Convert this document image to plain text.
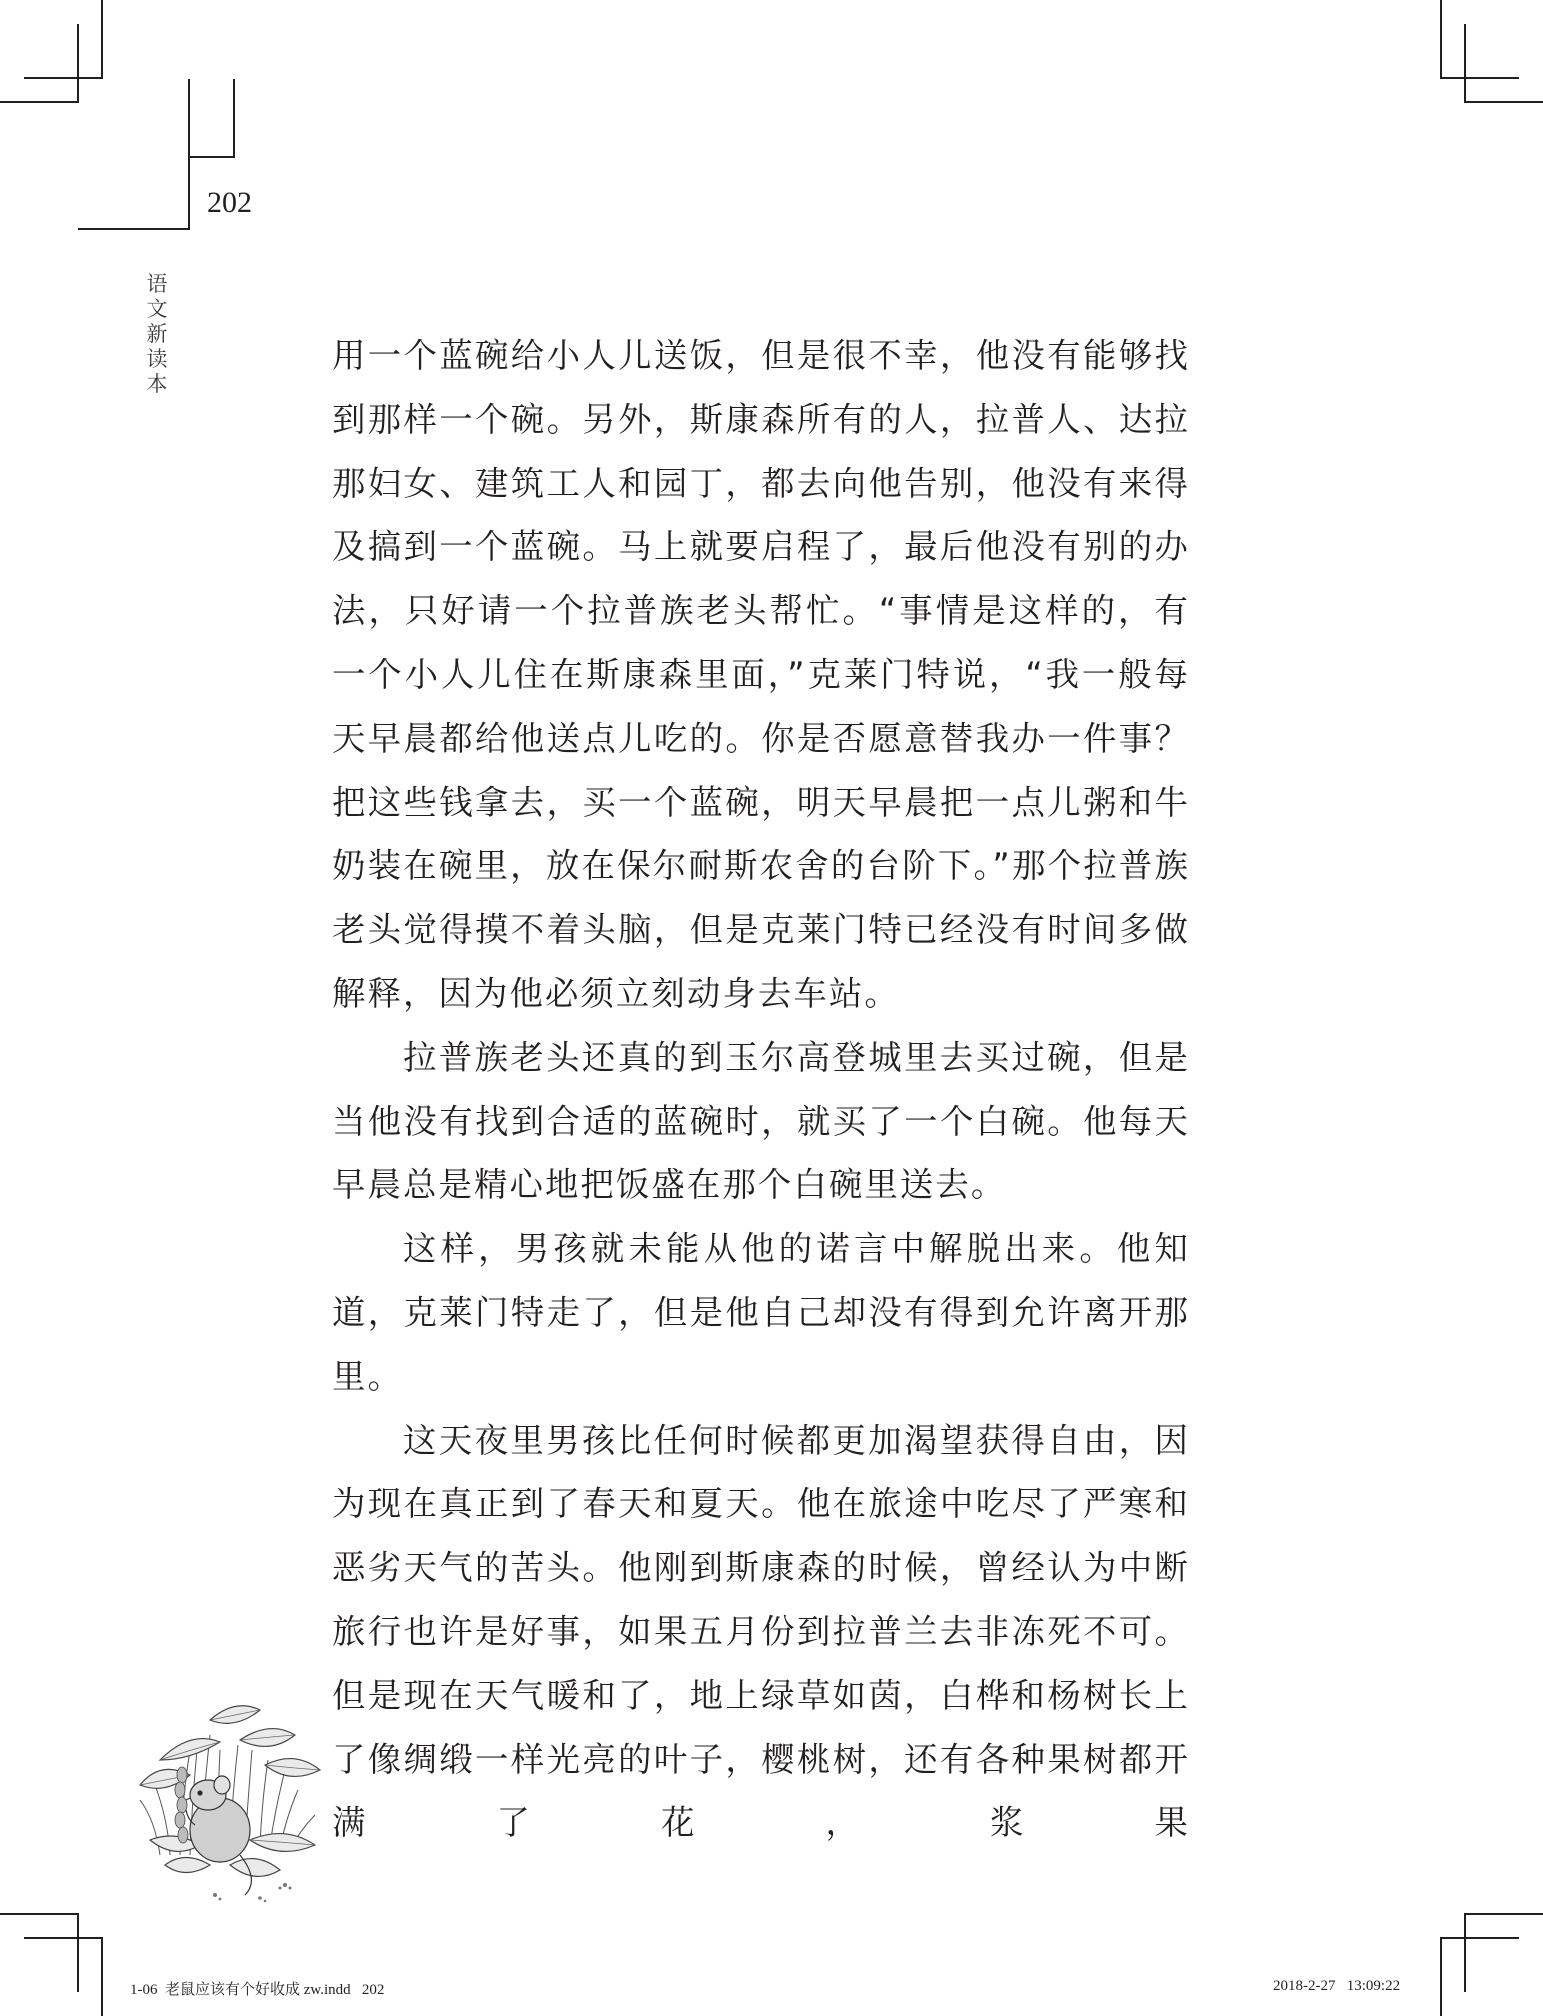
202
语
文
新
读
本

用一个蓝碗给小人儿送饭，但是很不幸，他没有能够找到那样一个碗。另外，斯康森所有的人，拉普人、达拉那妇女、建筑工人和园丁，都去向他告别，他没有来得及搞到一个蓝碗。马上就要启程了，最后他没有别的办法，只好请一个拉普族老头帮忙。“事情是这样的，有一个小人儿住在斯康森里面，”克莱门特说，“我一般每天早晨都给他送点儿吃的。你是否愿意替我办一件事？把这些钱拿去，买一个蓝碗，明天早晨把一点儿粥和牛奶装在碗里，放在保尔耐斯农舍的台阶下。”那个拉普族老头觉得摸不着头脑，但是克莱门特已经没有时间多做解释，因为他必须立刻动身去车站。

拉普族老头还真的到玉尔高登城里去买过碗，但是当他没有找到合适的蓝碗时，就买了一个白碗。他每天早晨总是精心地把饭盛在那个白碗里送去。

这样，男孩就未能从他的诺言中解脱出来。他知道，克莱门特走了，但是他自己却没有得到允许离开那里。

这天夜里男孩比任何时候都更加渴望获得自由，因为现在真正到了春天和夏天。他在旅途中吃尽了严寒和恶劣天气的苦头。他刚到斯康森的时候，曾经认为中断旅行也许是好事，如果五月份到拉普兰去非冻死不可。但是现在天气暖和了，地上绿草如茵，白桦和杨树长上了像绸缎一样光亮的叶子，樱桃树，还有各种果树都开满了花，浆果

1-06  老鼠应该有个好收成 zw.indd   202	2018-2-27   13:09:22
